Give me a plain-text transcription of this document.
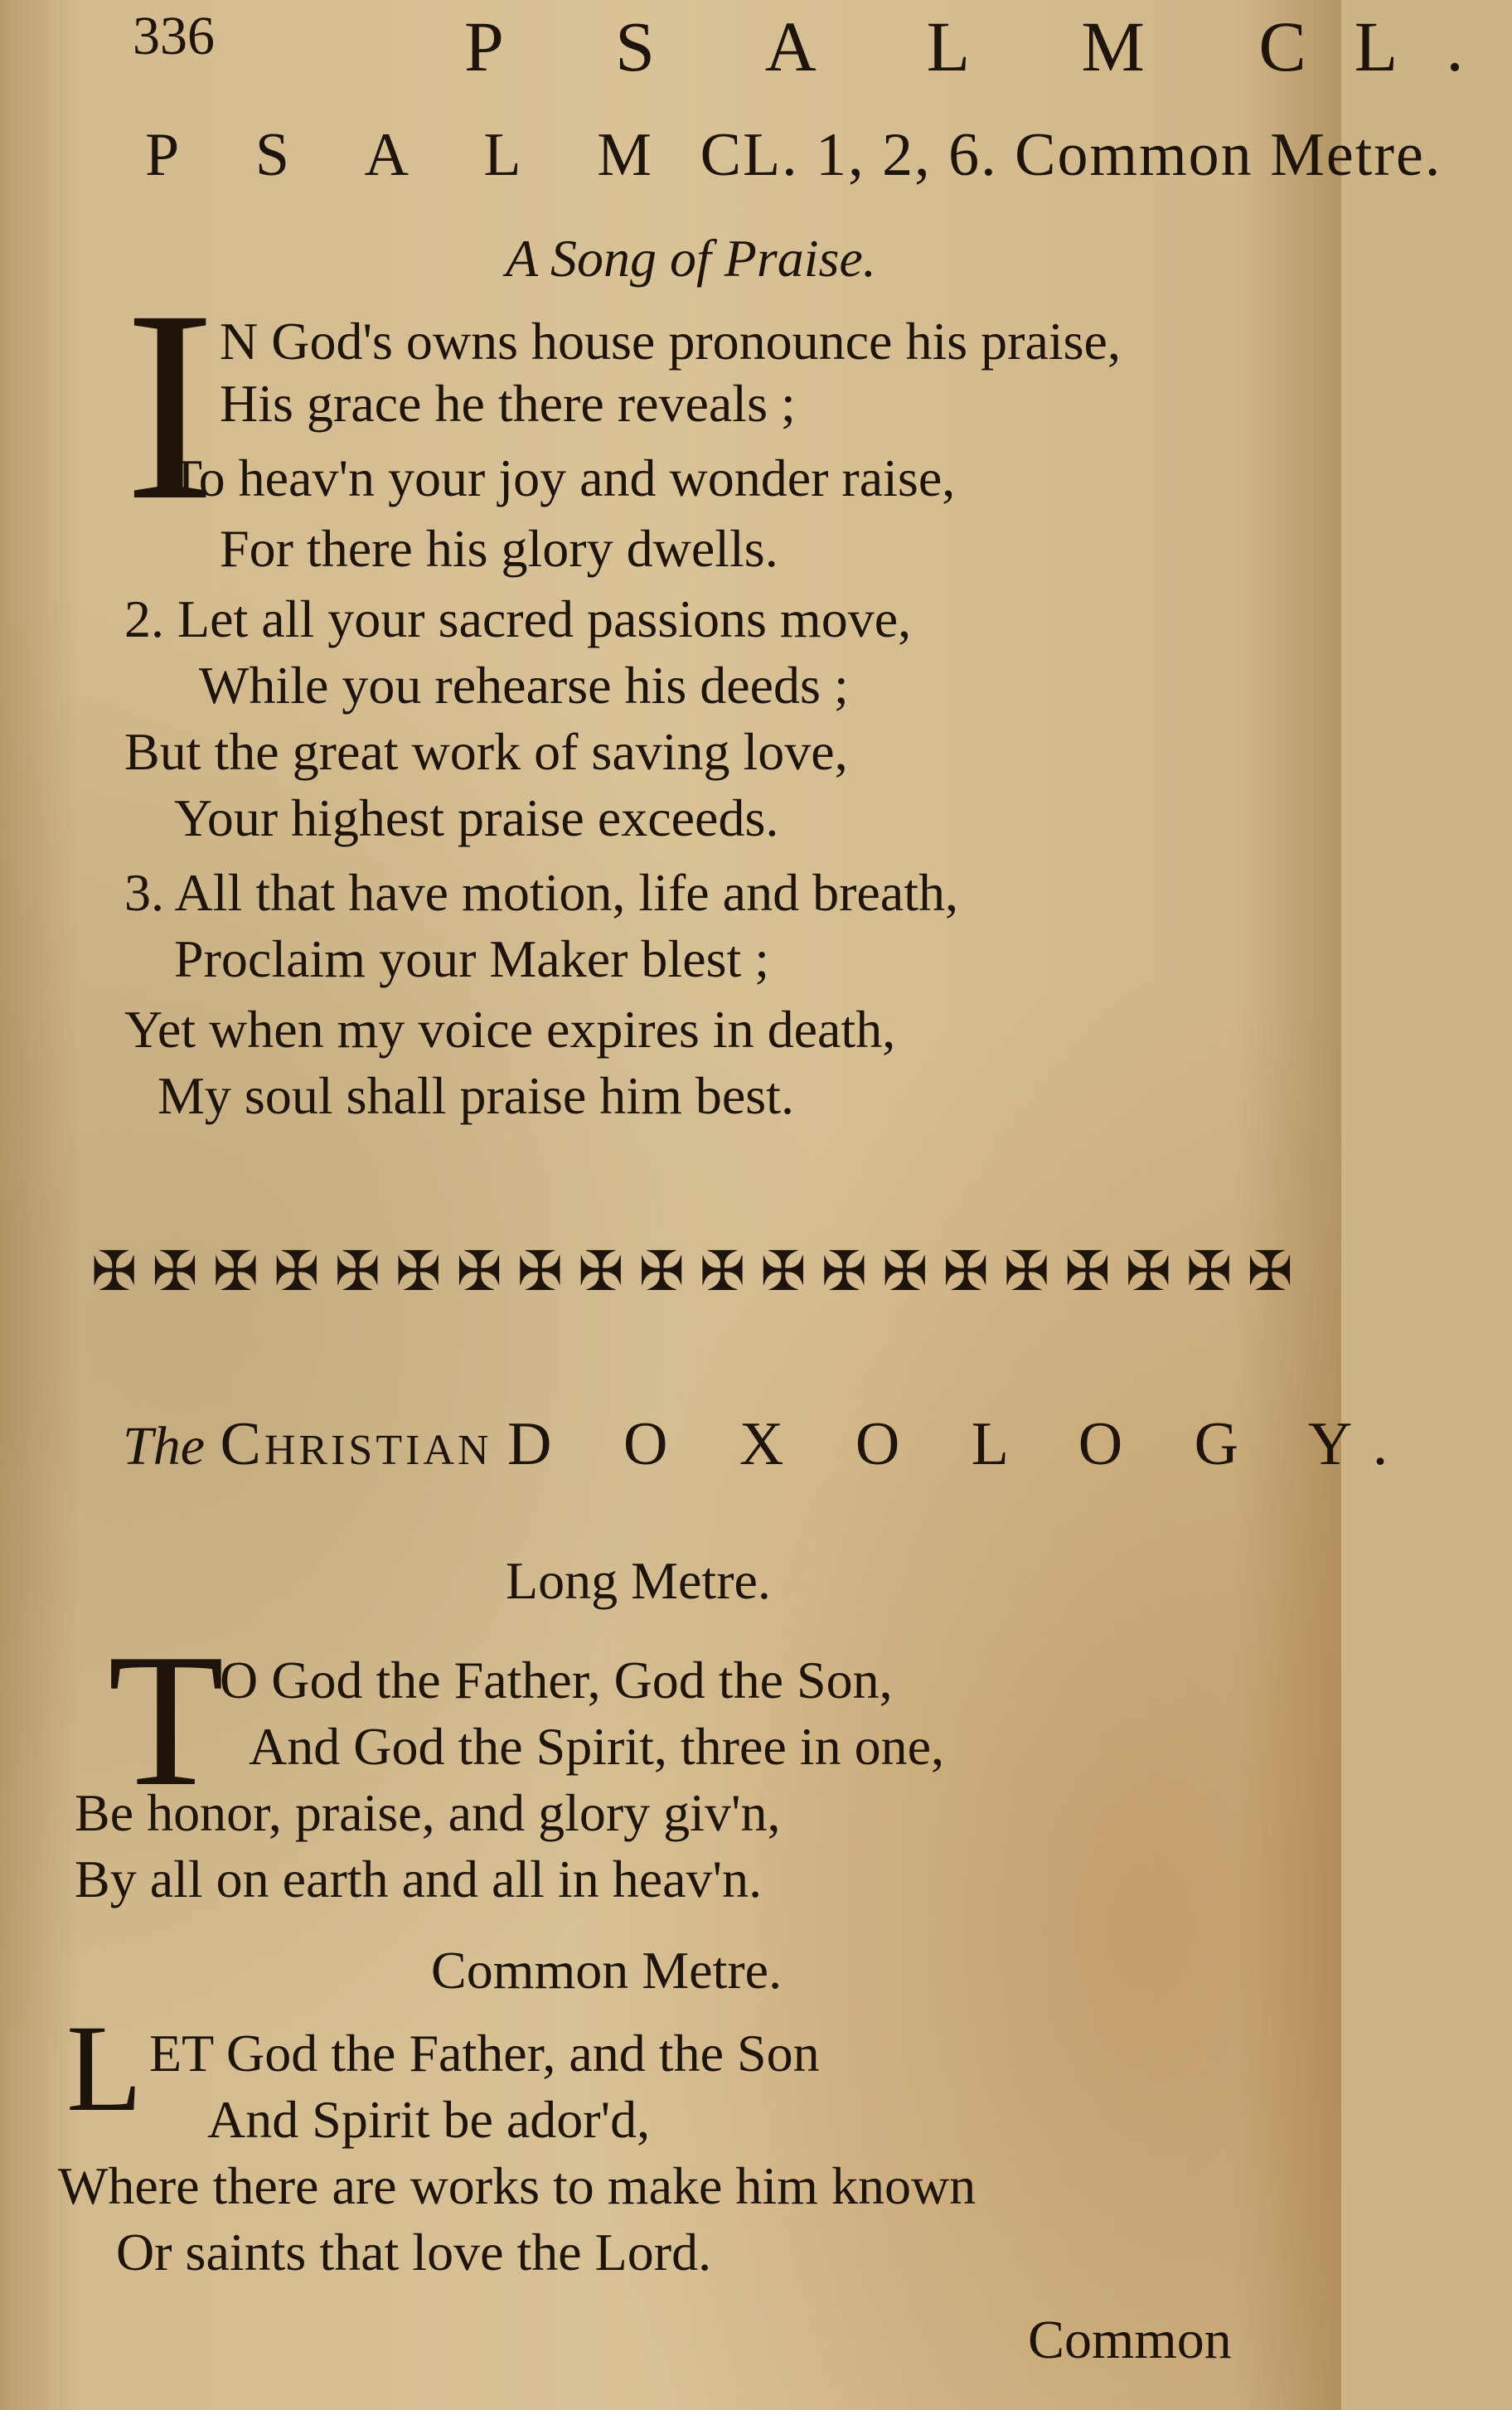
336	P S A L M CL.
P S A L M CL. 1, 2, 6. Common Metre.
A Song of Praise.
I N God's owns house pronounce his praise,
His grace he there reveals ;
To heav'n your joy and wonder raise,
For there his glory dwells.
2. Let all your sacred passions move,
While you rehearse his deeds ;
But the great work of saving love,
Your highest praise exceeds.
3. All that have motion, life and breath,
Proclaim your Maker blest ;
Yet when my voice expires in death,
My soul shall praise him best.
✠ ✠ ✠ ✠ ✠ ✠ ✠ ✠ ✠ ✠ ✠ ✠ ✠ ✠ ✠ ✠ ✠ ✠ ✠ ✠
The Christian D O X O L O G Y.
Long Metre.
T
O God the Father, God the Son,
And God the Spirit, three in one,
Be honor, praise, and glory giv'n,
By all on earth and all in heav'n.
Common Metre.
L ET God the Father, and the Son
And Spirit be ador'd,
Where there are works to make him known
Or saints that love the Lord.
Common
